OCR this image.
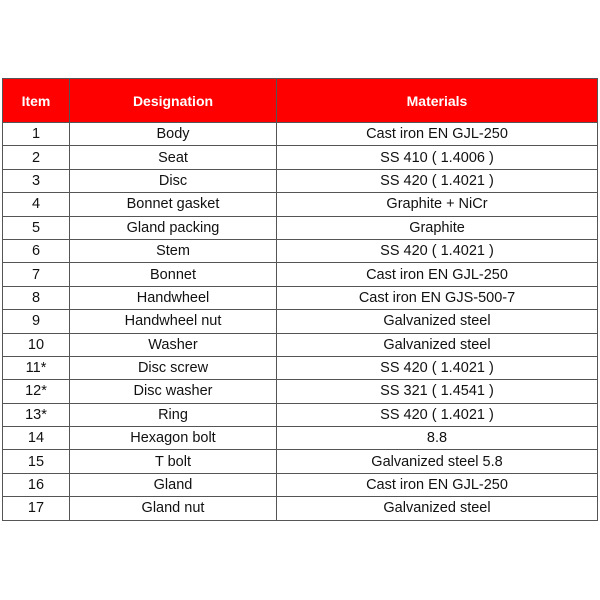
Item	Designation	Materials
1	Body	Cast iron EN GJL-250
2	Seat	SS 410 ( 1.4006 )
3	Disc	SS 420 ( 1.4021 )
4	Bonnet gasket	Graphite + NiCr
5	Gland packing	Graphite
6	Stem	SS 420 ( 1.4021 )
7	Bonnet	Cast iron EN GJL-250
8	Handwheel	Cast iron EN GJS-500-7
9	Handwheel nut	Galvanized steel
10	Washer	Galvanized steel
11*	Disc screw	SS 420 ( 1.4021 )
12*	Disc washer	SS 321 ( 1.4541 )
13*	Ring	SS 420 ( 1.4021 )
14	Hexagon bolt	8.8
15	T bolt	Galvanized steel 5.8
16	Gland	Cast iron EN GJL-250
17	Gland nut	Galvanized steel
